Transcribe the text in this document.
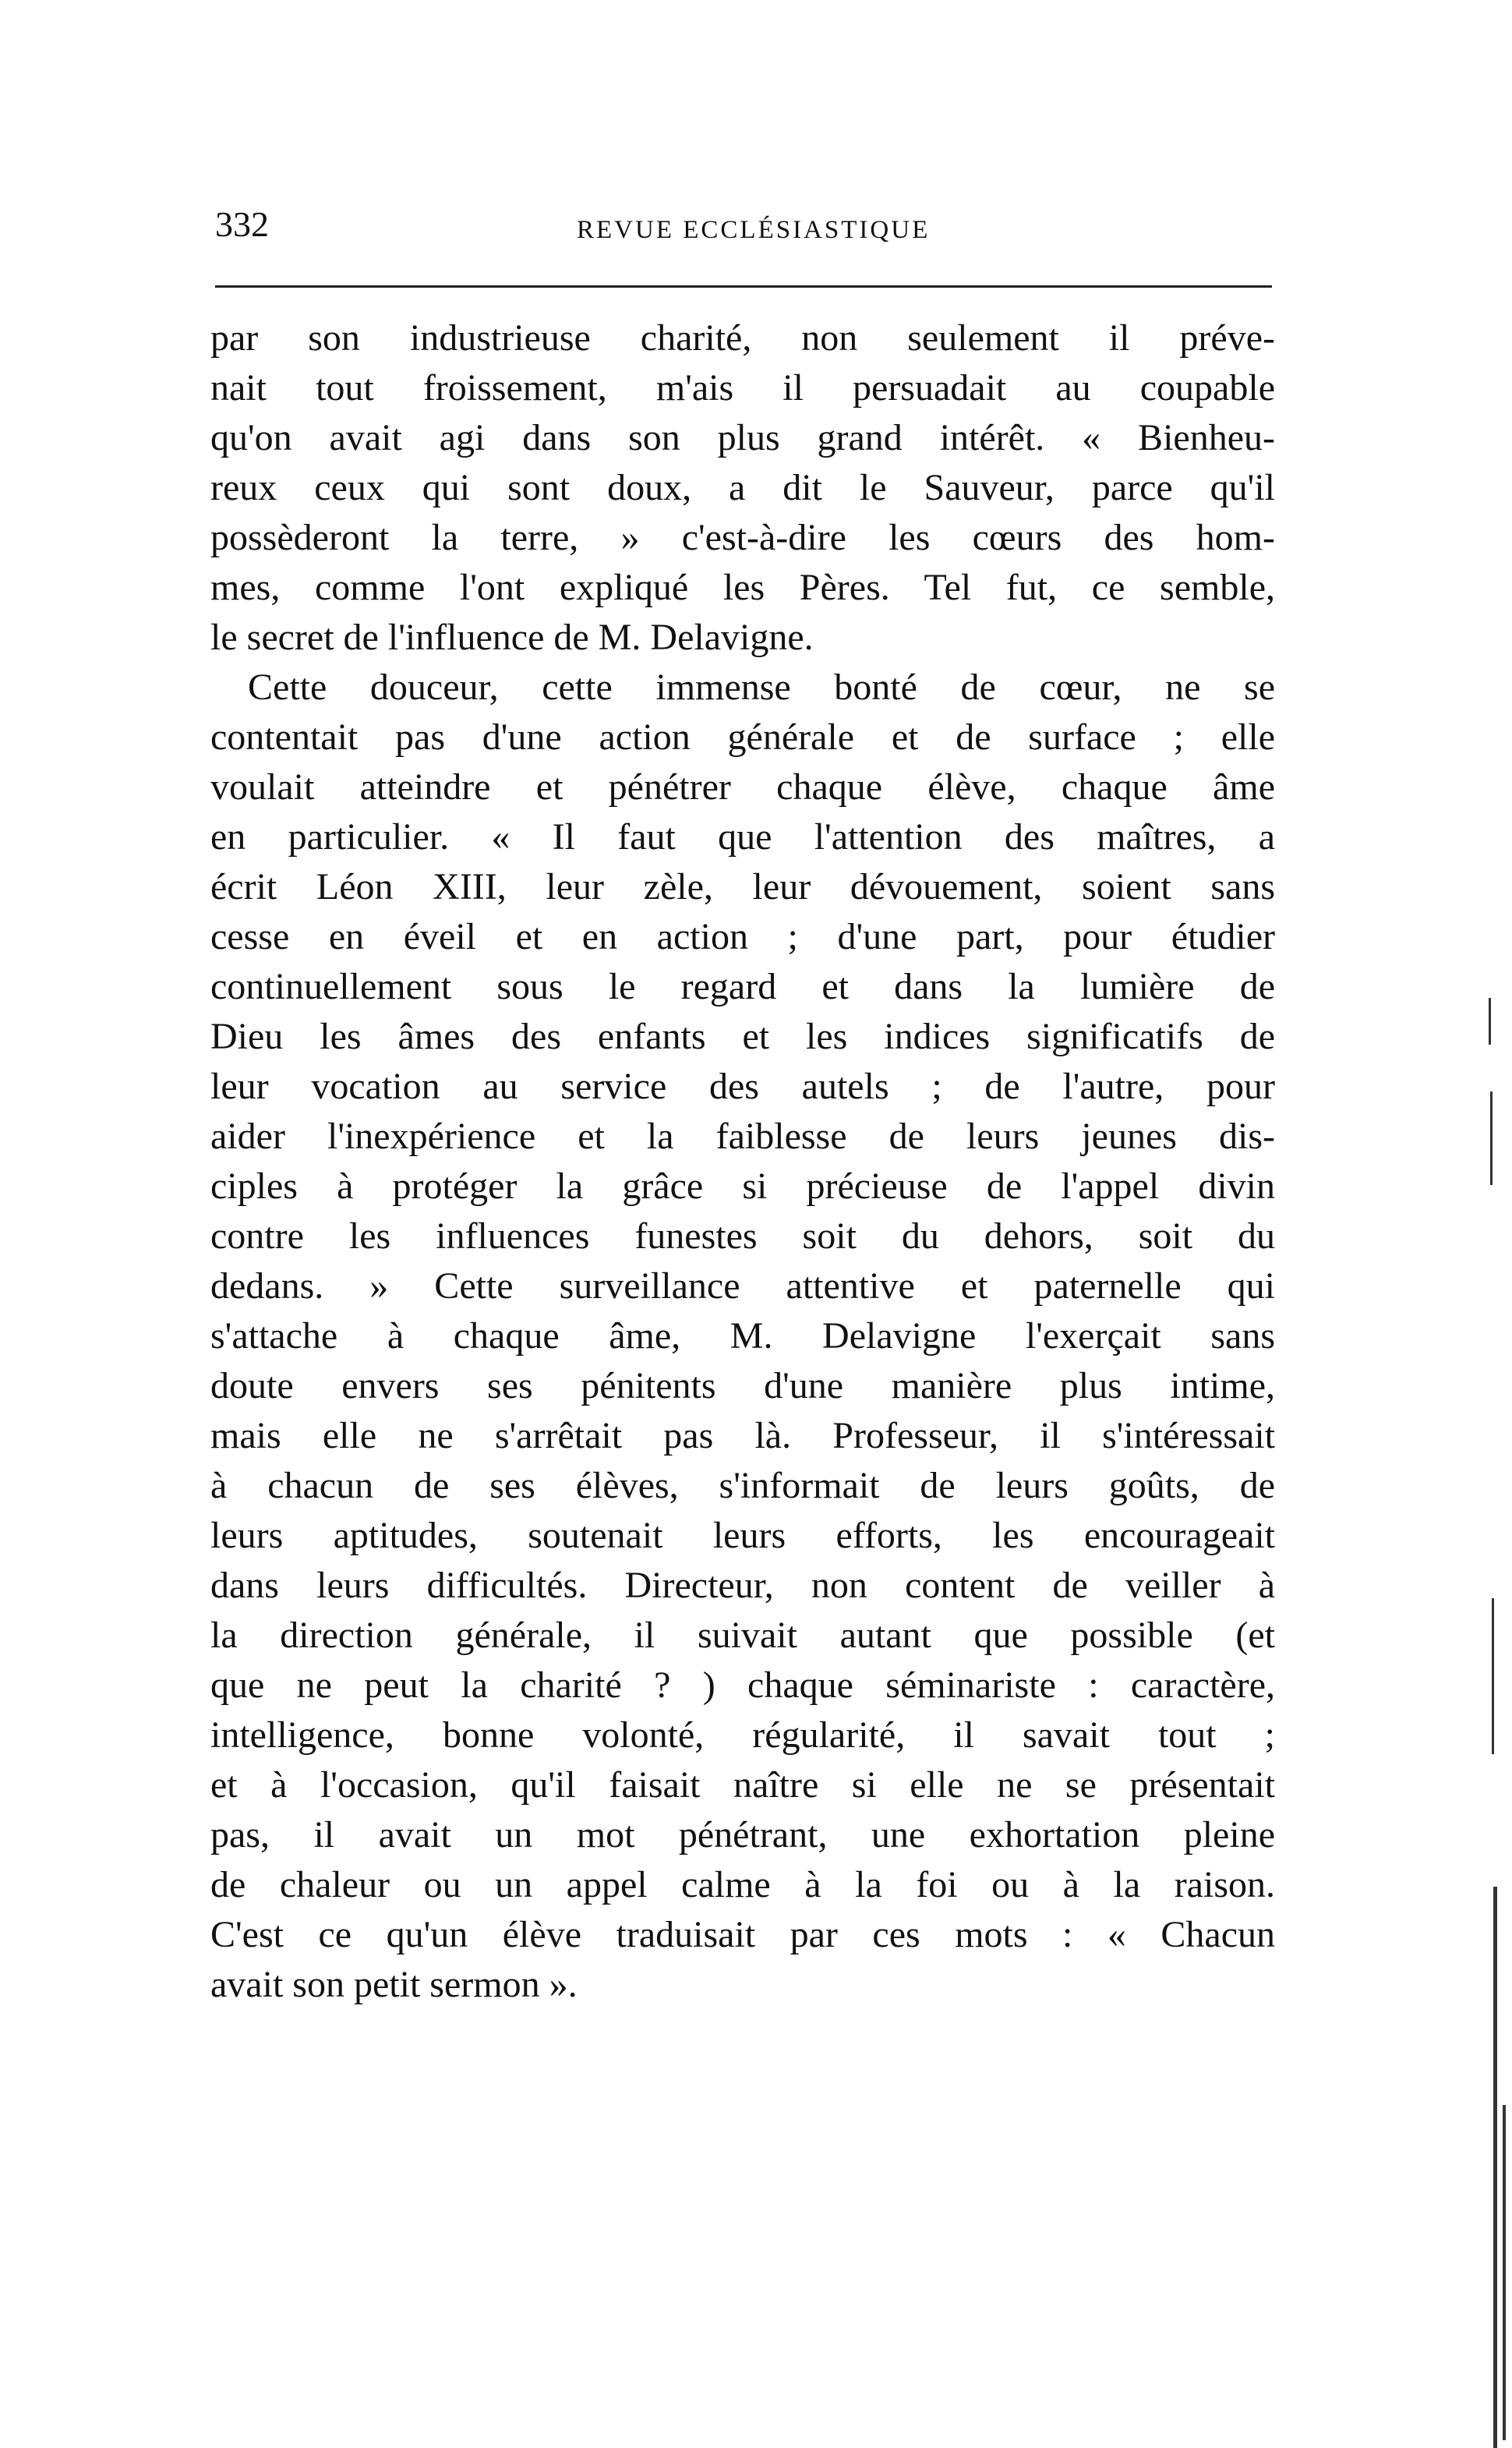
332	REVUE ECCLÉSIASTIQUE

par son industrieuse charité, non seulement il préve-

nait tout froissement, m'ais il persuadait au coupable

qu'on avait agi dans son plus grand intérêt. « Bienheu-

reux ceux qui sont doux, a dit le Sauveur, parce qu'il

possèderont la terre, » c'est-à-dire les cœurs des hom-

mes, comme l'ont expliqué les Pères. Tel fut, ce semble,

le secret de l'influence de M. Delavigne.

Cette douceur, cette immense bonté de cœur, ne se

contentait pas d'une action générale et de surface ; elle

voulait atteindre et pénétrer chaque élève, chaque âme

en particulier. « Il faut que l'attention des maîtres, a

écrit Léon XIII, leur zèle, leur dévouement, soient sans

cesse en éveil et en action ; d'une part, pour étudier

continuellement sous le regard et dans la lumière de

Dieu les âmes des enfants et les indices significatifs de

leur vocation au service des autels ; de l'autre, pour

aider l'inexpérience et la faiblesse de leurs jeunes dis-

ciples à protéger la grâce si précieuse de l'appel divin

contre les influences funestes soit du dehors, soit du

dedans. » Cette surveillance attentive et paternelle qui

s'attache à chaque âme, M. Delavigne l'exerçait sans

doute envers ses pénitents d'une manière plus intime,

mais elle ne s'arrêtait pas là. Professeur, il s'intéressait

à chacun de ses élèves, s'informait de leurs goûts, de

leurs aptitudes, soutenait leurs efforts, les encourageait

dans leurs difficultés. Directeur, non content de veiller à

la direction générale, il suivait autant que possible (et

que ne peut la charité ? ) chaque séminariste : caractère,

intelligence, bonne volonté, régularité, il savait tout ;

et à l'occasion, qu'il faisait naître si elle ne se présentait

pas, il avait un mot pénétrant, une exhortation pleine

de chaleur ou un appel calme à la foi ou à la raison.

C'est ce qu'un élève traduisait par ces mots : « Chacun

avait son petit sermon ».
